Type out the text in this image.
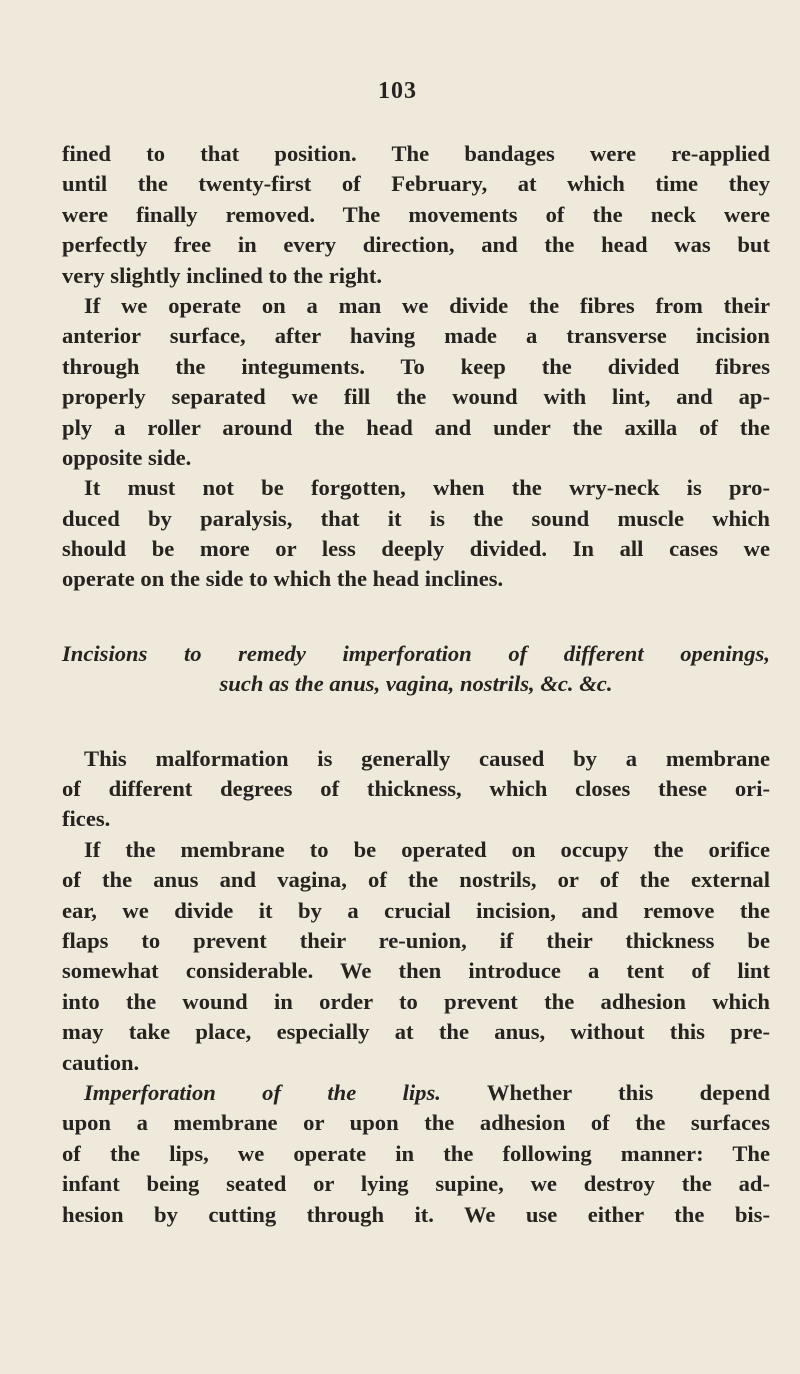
103
fined to that position. The bandages were re-applied
until the twenty-first of February, at which time they
were finally removed. The movements of the neck were
perfectly free in every direction, and the head was but
very slightly inclined to the right.
If we operate on a man we divide the fibres from their
anterior surface, after having made a transverse incision
through the integuments. To keep the divided fibres
properly separated we fill the wound with lint, and ap-
ply a roller around the head and under the axilla of the
opposite side.
It must not be forgotten, when the wry-neck is pro-
duced by paralysis, that it is the sound muscle which
should be more or less deeply divided. In all cases we
operate on the side to which the head inclines.
Incisions to remedy imperforation of different openings,
such as the anus, vagina, nostrils, &c. &c.
This malformation is generally caused by a membrane
of different degrees of thickness, which closes these ori-
fices.
If the membrane to be operated on occupy the orifice
of the anus and vagina, of the nostrils, or of the external
ear, we divide it by a crucial incision, and remove the
flaps to prevent their re-union, if their thickness be
somewhat considerable. We then introduce a tent of lint
into the wound in order to prevent the adhesion which
may take place, especially at the anus, without this pre-
caution.
Imperforation of the lips. Whether this depend
upon a membrane or upon the adhesion of the surfaces
of the lips, we operate in the following manner: The
infant being seated or lying supine, we destroy the ad-
hesion by cutting through it. We use either the bis-
